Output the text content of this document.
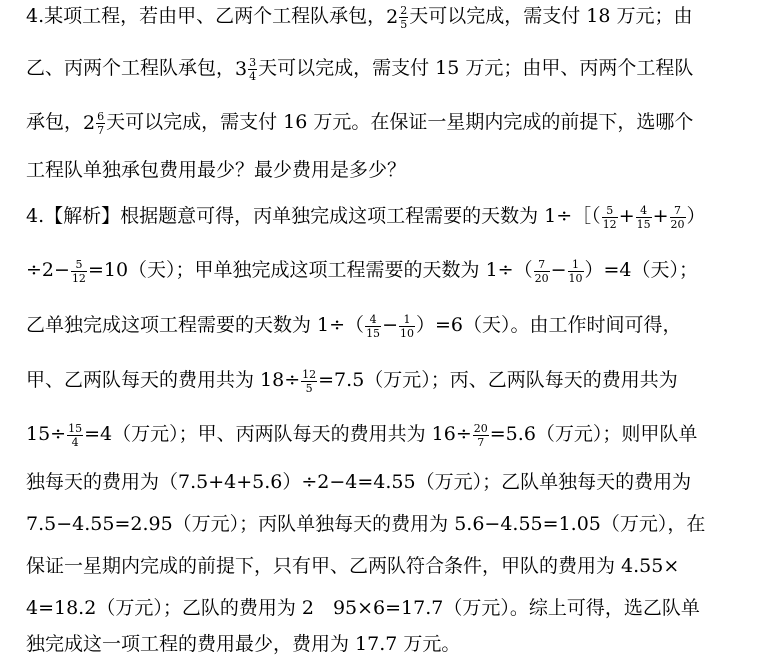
4.某项工程，若由甲、乙两个工程队承包，$2 \frac{2}{5}$ 天可以完成，需支付 18 万元；由
乙、丙两个工程队承包，$3 \frac{3}{4}$ 天可以完成，需支付 15 万元；由甲、丙两个工程队
承包，$2 \frac{6}{7}$ 天可以完成，需支付 16 万元。在保证一星期内完成的前提下，选哪个
工程队单独承包费用最少？最少费用是多少？
4.【解析】根据题意可得，丙单独完成这项工程需要的天数为 1÷［（ $\frac{5}{12} + \frac{4}{15} + \frac{7}{20}$ ）
$\div 2- \frac{5}{12} =10$（天）；甲单独完成这项工程需要的天数为 $1\div( \frac{7}{20} - \frac{1}{10} )=4$（天）；
乙单独完成这项工程需要的天数为 $1\div( \frac{4}{15} - \frac{1}{10} )=6$（天）。由工作时间可得，
甲、乙两队每天的费用共为 $18\div \frac{12}{5} =7.5$（万元）；丙、乙两队每天的费用共为
$15\div \frac{15}{4} =4$（万元）；甲、丙两队每天的费用共为 $16\div \frac{20}{7} =5.6$（万元）；则甲队单
独每天的费用为（7.5+4+5.6）÷2−4=4.55（万元）；乙队单独每天的费用为
7.5−4.55=2.95（万元）；丙队单独每天的费用为 5.6−4.55=1.05（万元），在
保证一星期内完成的前提下，只有甲、乙两队符合条件，甲队的费用为 4.55×
4=18.2（万元）；乙队的费用为 2　95×6=17.7（万元）。综上可得，选乙队单
独完成这一项工程的费用最少，费用为 17.7 万元。
